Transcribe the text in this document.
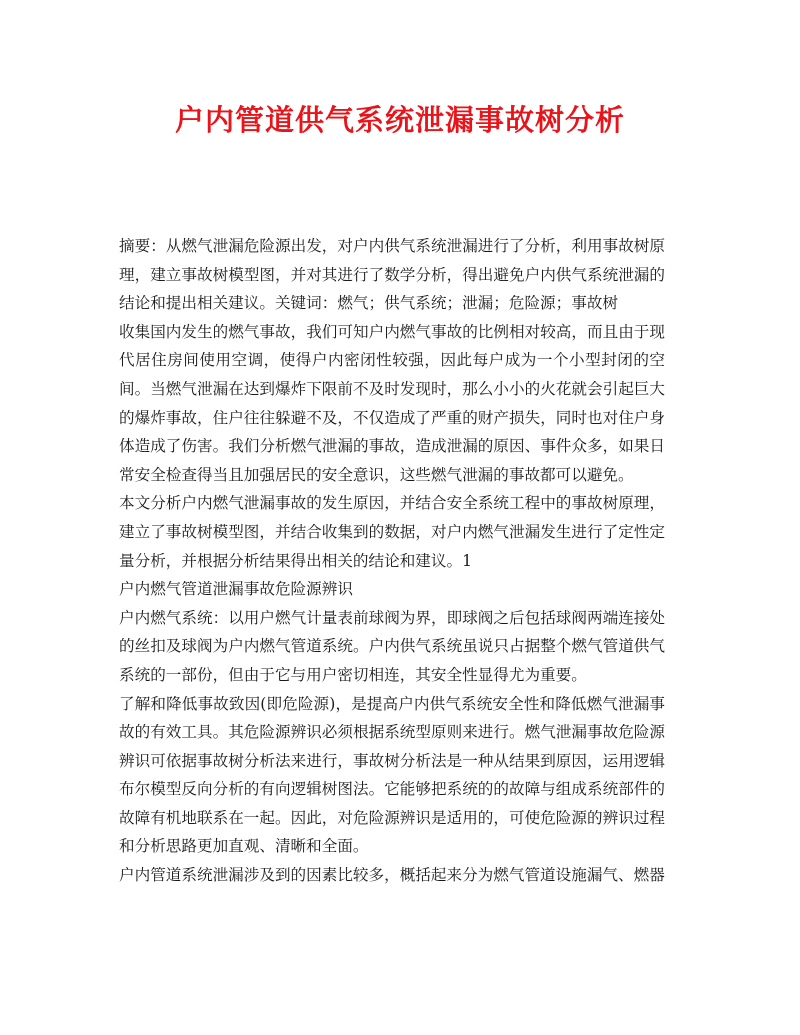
户内管道供气系统泄漏事故树分析

摘要：从燃气泄漏危险源出发，对户内供气系统泄漏进行了分析，利用事故树原理，建立事故树模型图，并对其进行了数学分析，得出避免户内供气系统泄漏的结论和提出相关建议。关键词：燃气；供气系统；泄漏；危险源；事故树

收集国内发生的燃气事故，我们可知户内燃气事故的比例相对较高，而且由于现代居住房间使用空调，使得户内密闭性较强，因此每户成为一个小型封闭的空间。当燃气泄漏在达到爆炸下限前不及时发现时，那么小小的火花就会引起巨大的爆炸事故，住户往往躲避不及，不仅造成了严重的财产损失，同时也对住户身体造成了伤害。我们分析燃气泄漏的事故，造成泄漏的原因、事件众多，如果日常安全检查得当且加强居民的安全意识，这些燃气泄漏的事故都可以避免。

本文分析户内燃气泄漏事故的发生原因，并结合安全系统工程中的事故树原理，建立了事故树模型图，并结合收集到的数据，对户内燃气泄漏发生进行了定性定量分析，并根据分析结果得出相关的结论和建议。1

户内燃气管道泄漏事故危险源辨识

户内燃气系统：以用户燃气计量表前球阀为界，即球阀之后包括球阀两端连接处的丝扣及球阀为户内燃气管道系统。户内供气系统虽说只占据整个燃气管道供气系统的一部份，但由于它与用户密切相连，其安全性显得尤为重要。

了解和降低事故致因(即危险源)，是提高户内供气系统安全性和降低燃气泄漏事故的有效工具。其危险源辨识必须根据系统型原则来进行。燃气泄漏事故危险源辨识可依据事故树分析法来进行，事故树分析法是一种从结果到原因，运用逻辑布尔模型反向分析的有向逻辑树图法。它能够把系统的的故障与组成系统部件的故障有机地联系在一起。因此，对危险源辨识是适用的，可使危险源的辨识过程和分析思路更加直观、清晰和全面。

户内管道系统泄漏涉及到的因素比较多，概括起来分为燃气管道设施漏气、燃器
